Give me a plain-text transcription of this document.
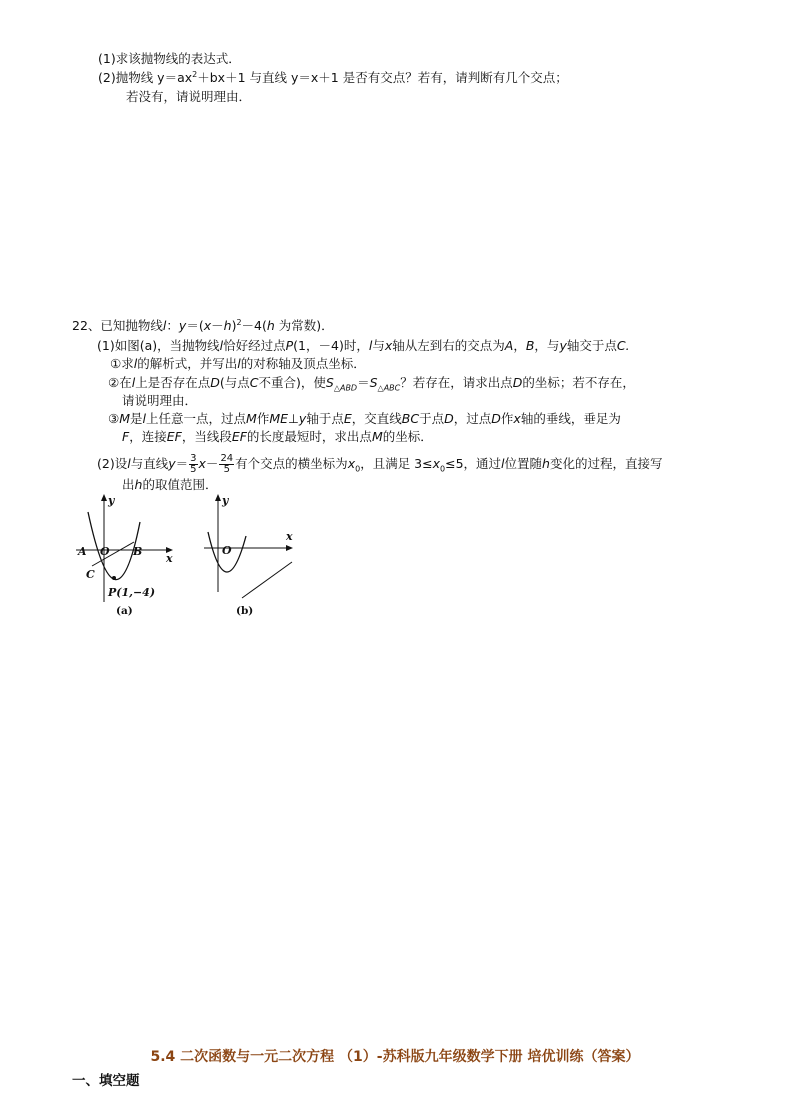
(1)求该抛物线的表达式．
(2)抛物线 $y=ax^2+bx+1$ 与直线 y＝x＋1 是否有交点？若有，请判断有几个交点；
若没有，请说明理由．
22、已知抛物线l：$y=(x-h)^2-4(h$ 为常数)．
(1)如图(a)，当抛物线l恰好经过点P(1，－4)时，l与x轴从左到右的交点为A，B，与y轴交于点C.
①求l的解析式，并写出l的对称轴及顶点坐标．
②在l上是否存在点D(与点C不重合)，使$S_{\triangle ABD}=S_{\triangle ABC}$？若存在，请求出点D的坐标；若不存在，
请说明理由．
③M是l上任意一点，过点M作ME⊥y轴于点E，交直线BC于点D，过点D作x轴的垂线，垂足为
F，连接EF，当线段EF的长度最短时，求出点M的坐标．
(2)设l与直线$y= \frac{3}{5} x- \frac{24}{5}$ 有个交点的横坐标为$x_0$，且满足 $3\le x_0\le 5$，通过l位置随h变化的过程，直接写
出h的取值范围．
y
x
A O B
C
P(1,−4)
(a)
y
x
O
(b)
5.4 二次函数与一元二次方程 （1）-苏科版九年级数学下册 培优训练（答案）
一、填空题
